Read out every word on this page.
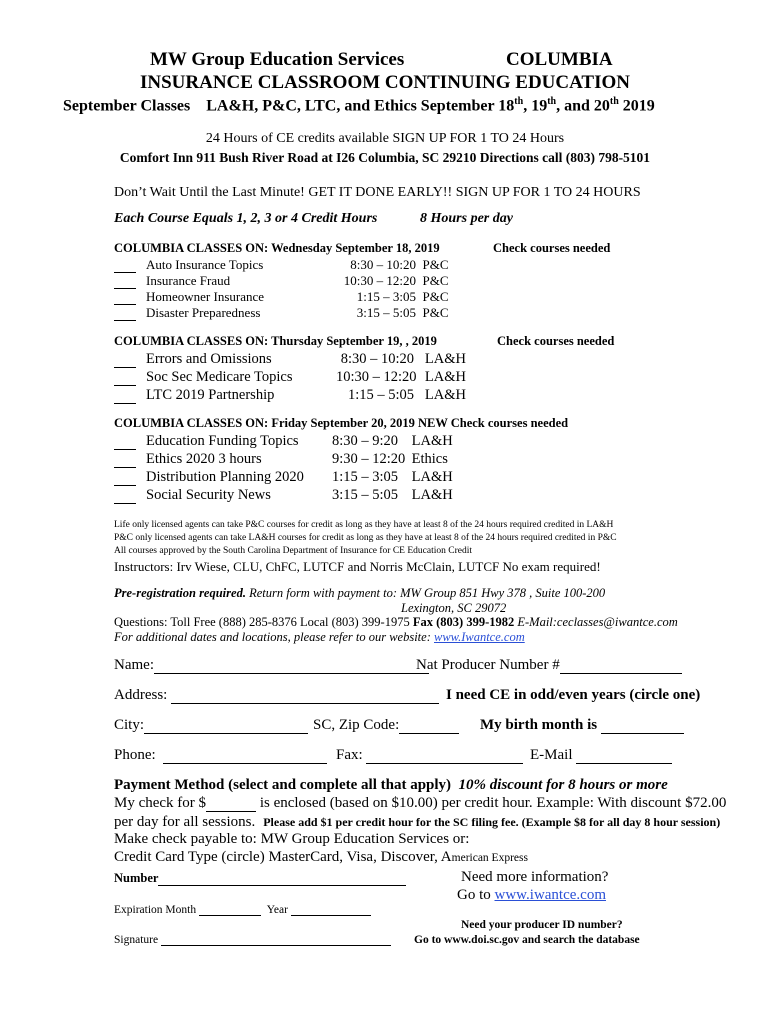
MW Group Education Services	COLUMBIA
INSURANCE CLASSROOM CONTINUING EDUCATION
September Classes LA&H, P&C, LTC, and Ethics September 18th, 19th, and 20th 2019
24 Hours of CE credits available SIGN UP FOR 1 TO 24 Hours
Comfort Inn 911 Bush River Road at I26 Columbia, SC 29210 Directions call (803) 798-5101
Don’t Wait Until the Last Minute! GET IT DONE EARLY!! SIGN UP FOR 1 TO 24 HOURS
Each Course Equals 1, 2, 3 or 4 Credit Hours	8 Hours per day
COLUMBIA CLASSES ON: Wednesday September 18, 2019	Check courses needed
Auto Insurance Topics	8:30 – 10:20 P&C
Insurance Fraud	10:30 – 12:20 P&C
Homeowner Insurance	1:15 – 3:05 P&C
Disaster Preparedness	3:15 – 5:05 P&C
COLUMBIA CLASSES ON: Thursday September 19, , 2019	Check courses needed
Errors and Omissions	8:30 – 10:20 LA&H
Soc Sec Medicare Topics	10:30 – 12:20 LA&H
LTC 2019 Partnership	1:15 – 5:05 LA&H
COLUMBIA CLASSES ON: Friday September 20, 2019 NEW Check courses needed
Education Funding Topics 8:30 – 9:20 LA&H
Ethics 2020 3 hours	9:30 – 12:20 Ethics
Distribution Planning 2020 1:15 – 3:05 LA&H
Social Security News	3:15 – 5:05 LA&H
Life only licensed agents can take P&C courses for credit as long as they have at least 8 of the 24 hours required credited in LA&H
P&C only licensed agents can take LA&H courses for credit as long as they have at least 8 of the 24 hours required credited in P&C
All courses approved by the South Carolina Department of Insurance for CE Education Credit
Instructors: Irv Wiese, CLU, ChFC, LUTCF and Norris McClain, LUTCF No exam required!
Pre-registration required. Return form with payment to: MW Group 851 Hwy 378 , Suite 100-200
Lexington, SC 29072
Questions: Toll Free (888) 285-8376 Local (803) 399-1975 Fax (803) 399-1982 E-Mail:ceclasses@iwantce.com
For additional dates and locations, please refer to our website: www.Iwantce.com
Name:	Nat Producer Number #
Address:	I need CE in odd/even years (circle one)
City:	SC, Zip Code:	My birth month is
Phone:	Fax:	E-Mail
Payment Method (select and complete all that apply) 10% discount for 8 hours or more
My check for $	is enclosed (based on $10.00) per credit hour. Example: With discount $72.00
per day for all sessions. Please add $1 per credit hour for the SC filing fee. (Example $8 for all day 8 hour session)
Make check payable to: MW Group Education Services or:
Credit Card Type (circle) MasterCard, Visa, Discover, American Express
Number
Expiration Month	Year
Signature
Need more information?
Go to www.iwantce.com
Need your producer ID number?
Go to www.doi.sc.gov and search the database
